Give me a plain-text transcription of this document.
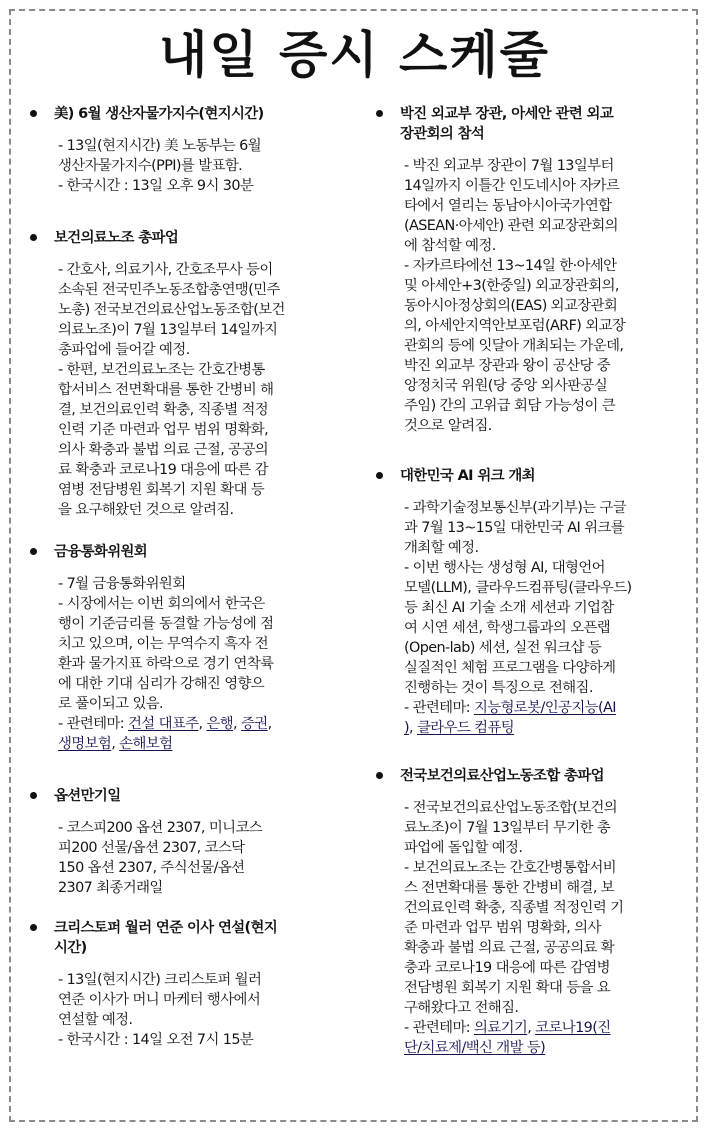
내일 증시 스케줄
美) 6월 생산자물가지수(현지시간)
- 13일(현지시간) 美 노동부는 6월
생산자물가지수(PPI)를 발표함.
- 한국시간 : 13일 오후 9시 30분
보건의료노조 총파업
- 간호사, 의료기사, 간호조무사 등이
소속된 전국민주노동조합총연맹(민주
노총) 전국보건의료산업노동조합(보건
의료노조)이 7월 13일부터 14일까지
총파업에 들어갈 예정.
- 한편, 보건의료노조는 간호간병통
합서비스 전면확대를 통한 간병비 해
결, 보건의료인력 확충, 직종별 적정
인력 기준 마련과 업무 범위 명확화,
의사 확충과 불법 의료 근절, 공공의
료 확충과 코로나19 대응에 따른 감
염병 전담병원 회복기 지원 확대 등
을 요구해왔던 것으로 알려짐.
금융통화위원회
- 7월 금융통화위원회
- 시장에서는 이번 회의에서 한국은
행이 기준금리를 동결할 가능성에 점
치고 있으며, 이는 무역수지 흑자 전
환과 물가지표 하락으로 경기 연착륙
에 대한 기대 심리가 강해진 영향으
로 풀이되고 있음.
- 관련테마: 건설 대표주, 은행, 증권,
생명보험, 손해보험
옵션만기일
- 코스피200 옵션 2307, 미니코스
피200 선물/옵션 2307, 코스닥
150 옵션 2307, 주식선물/옵션
2307 최종거래일
크리스토퍼 월러 연준 이사 연설(현지
시간)
- 13일(현지시간) 크리스토퍼 월러
연준 이사가 머니 마케터 행사에서
연설할 예정.
- 한국시간 : 14일 오전 7시 15분
박진 외교부 장관, 아세안 관련 외교
장관회의 참석
- 박진 외교부 장관이 7월 13일부터
14일까지 이틀간 인도네시아 자카르
타에서 열리는 동남아시아국가연합
(ASEAN·아세안) 관련 외교장관회의
에 참석할 예정.
- 자카르타에선 13~14일 한·아세안
및 아세안+3(한중일) 외교장관회의,
동아시아정상회의(EAS) 외교장관회
의, 아세안지역안보포럼(ARF) 외교장
관회의 등에 잇달아 개최되는 가운데,
박진 외교부 장관과 왕이 공산당 중
앙정치국 위원(당 중앙 외사판공실
주임) 간의 고위급 회담 가능성이 큰
것으로 알려짐.
대한민국 AI 위크 개최
- 과학기술정보통신부(과기부)는 구글
과 7월 13~15일 대한민국 AI 위크를
개최할 예정.
- 이번 행사는 생성형 AI, 대형언어
모델(LLM), 클라우드컴퓨팅(클라우드)
등 최신 AI 기술 소개 세션과 기업참
여 시연 세션, 학생그룹과의 오픈랩
(Open-lab) 세션, 실전 워크샵 등
실질적인 체험 프로그램을 다양하게
진행하는 것이 특징으로 전해짐.
- 관련테마: 지능형로봇/인공지능(AI
), 클라우드 컴퓨팅
전국보건의료산업노동조합 총파업
- 전국보건의료산업노동조합(보건의
료노조)이 7월 13일부터 무기한 총
파업에 돌입할 예정.
- 보건의료노조는 간호간병통합서비
스 전면확대를 통한 간병비 해결, 보
건의료인력 확충, 직종별 적정인력 기
준 마련과 업무 범위 명확화, 의사
확충과 불법 의료 근절, 공공의료 확
충과 코로나19 대응에 따른 감염병
전담병원 회복기 지원 확대 등을 요
구해왔다고 전해짐.
- 관련테마: 의료기기, 코로나19(진
단/치료제/백신 개발 등)
